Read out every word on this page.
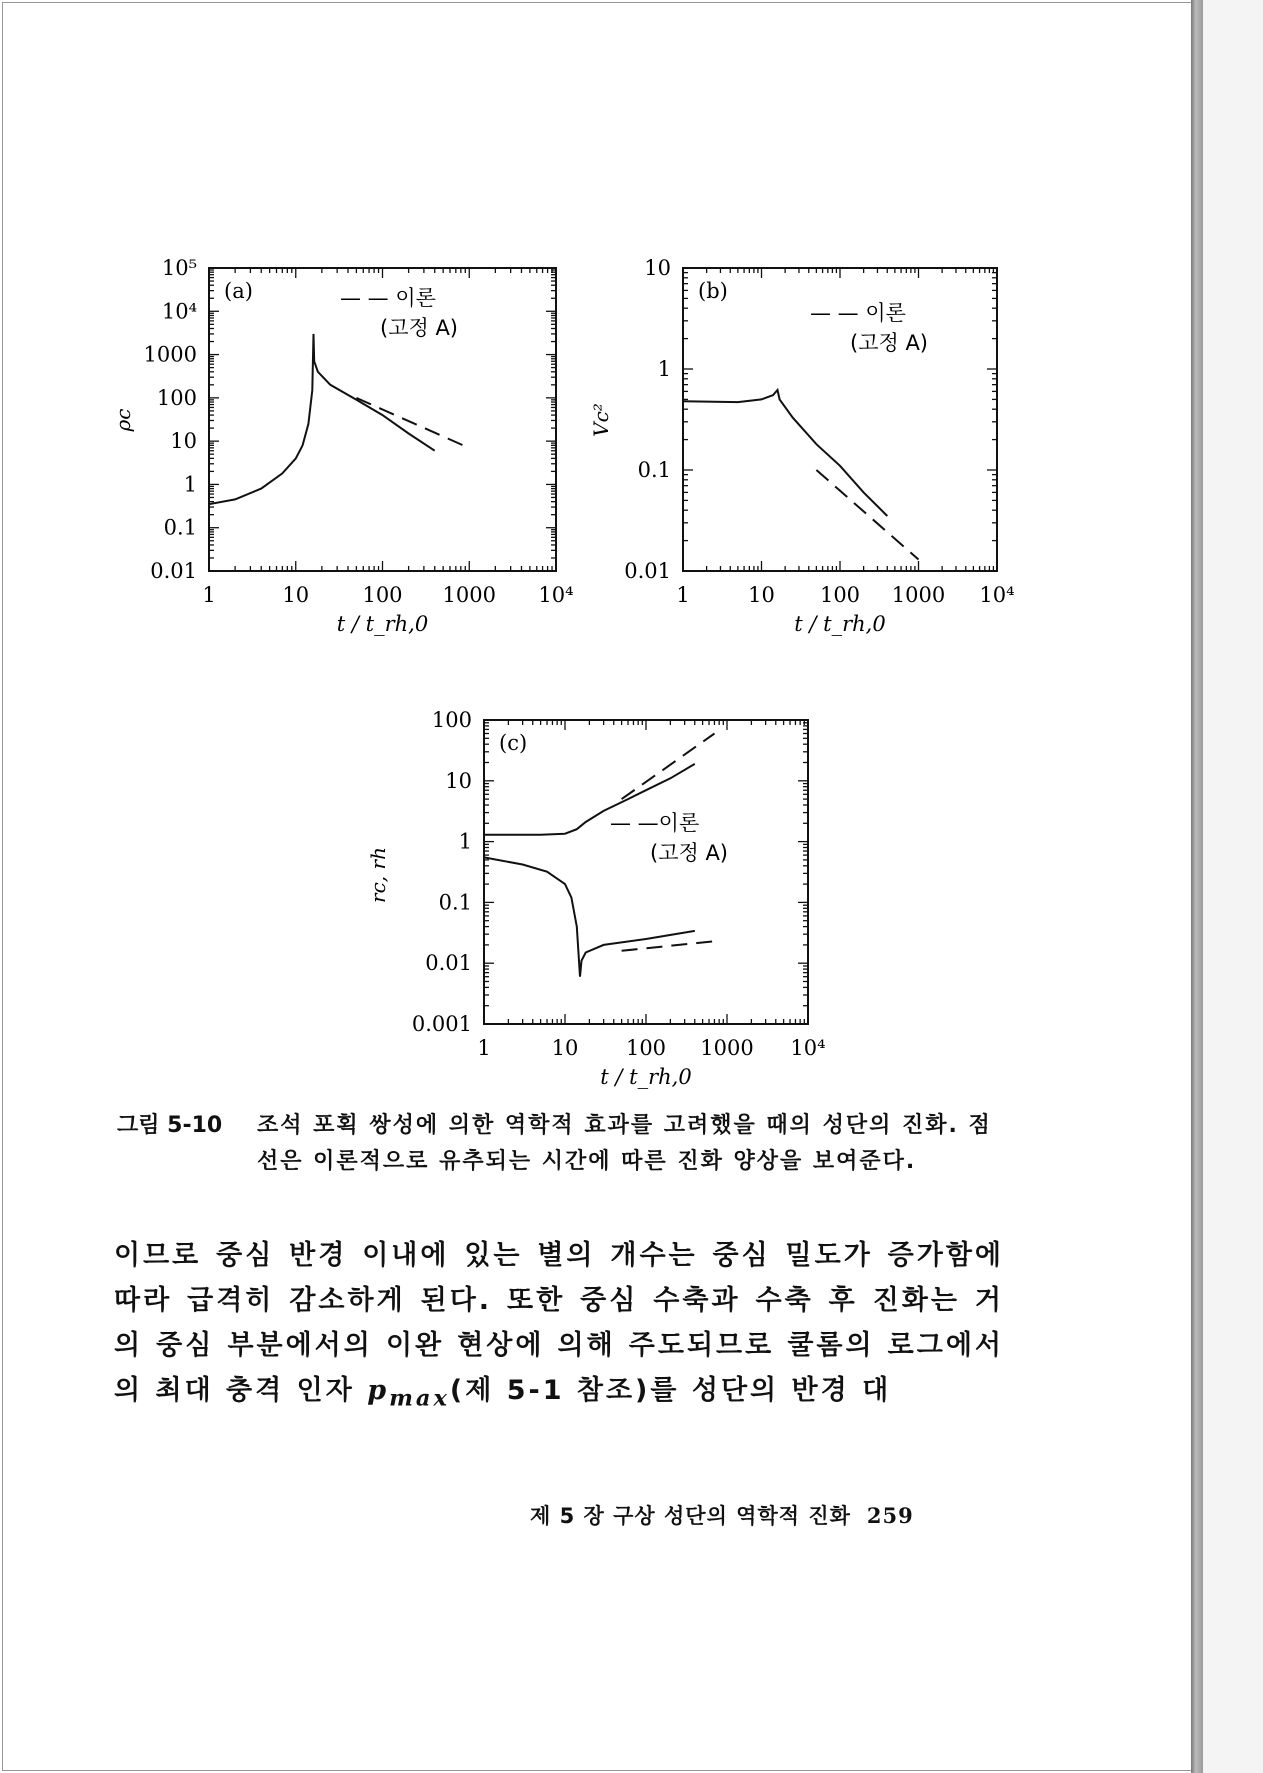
1	10	100 1000 10⁴
0.01
0.1
1
10
100
1000
10⁴
10⁵
t / t_rh,0
ρc
(a)	— — 이론
(고정 A)
1	10 100 1000 10⁴
0.01
0.1
1
10
t / t_rh,0
Vc²
(b)
— — 이론
(고정 A)
1	10 100 1000 10⁴
0.001
0.01
0.1
1
10
100
t / t_rh,0
rc, rh
(c)
— —이론
(고정 A)
그림 5-10 조석 포획 쌍성에 의한 역학적 효과를 고려했을 때의 성단의 진화. 점선은 이론적으로 유추되는 시간에 따른 진화 양상을 보여준다.
이므로 중심 반경 이내에 있는 별의 개수는 중심 밀도가 증가함에 따라 급격히 감소하게 된다. 또한 중심 수축과 수축 후 진화는 거의 중심 부분에서의 이완 현상에 의해 주도되므로 쿨롬의 로그에서의 최대 충격 인자 $p_{max}$(제 5-1 참조)를 성단의 반경 대
제 5 장 구상 성단의 역학적 진화 259
